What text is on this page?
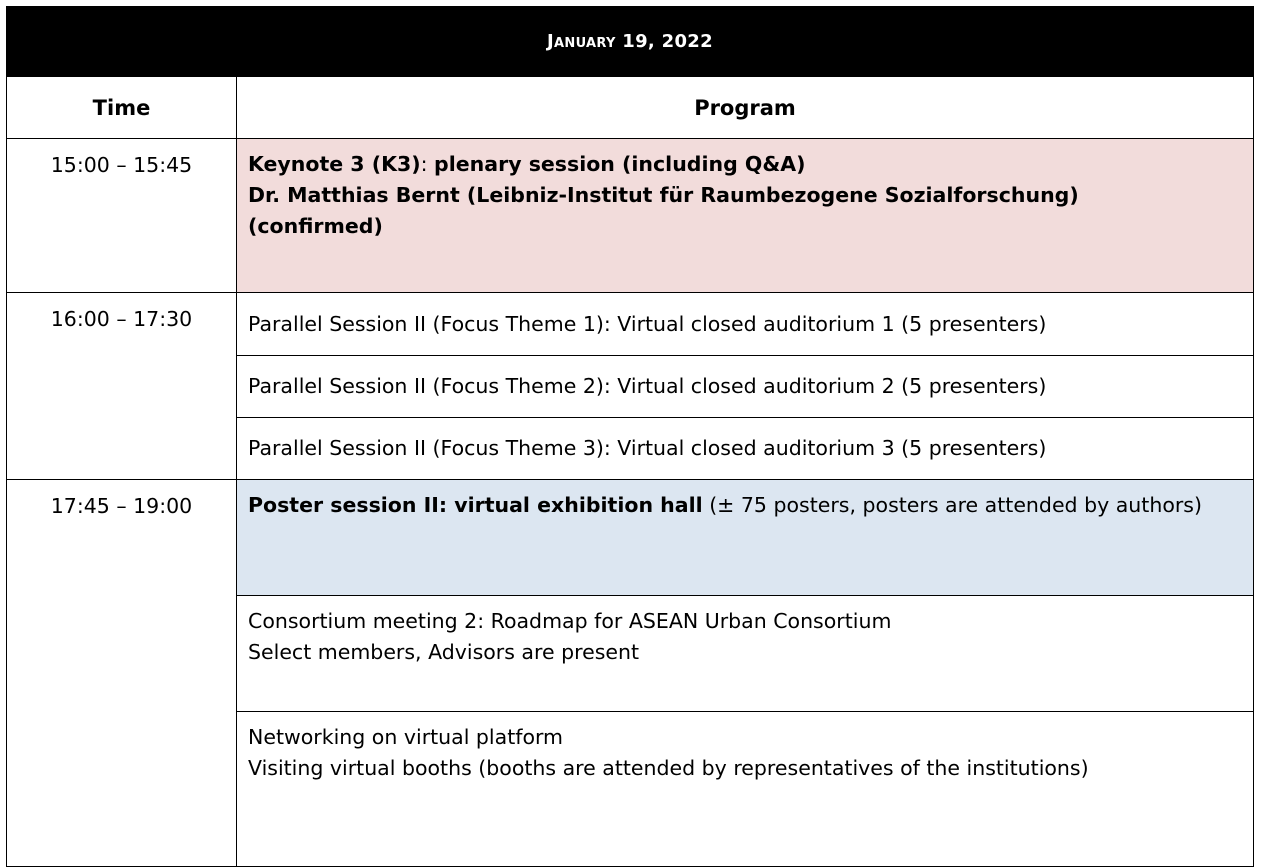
January 19, 2022	
Time	Program
15:00 – 15:45	Keynote 3 (K3): plenary session (including Q&A)
Dr. Matthias Bernt (Leibniz-Institut für Raumbezogene Sozialforschung)
(confirmed)

16:00 – 17:30	Parallel Session II (Focus Theme 1): Virtual closed auditorium 1 (5 presenters)
	Parallel Session II (Focus Theme 2): Virtual closed auditorium 2 (5 presenters)
	Parallel Session II (Focus Theme 3): Virtual closed auditorium 3 (5 presenters)
17:45 – 19:00	Poster session II: virtual exhibition hall (± 75 posters, posters are attended by authors)

	Consortium meeting 2: Roadmap for ASEAN Urban Consortium
Select members, Advisors are present

	Networking on virtual platform
Visiting virtual booths (booths are attended by representatives of the institutions)
